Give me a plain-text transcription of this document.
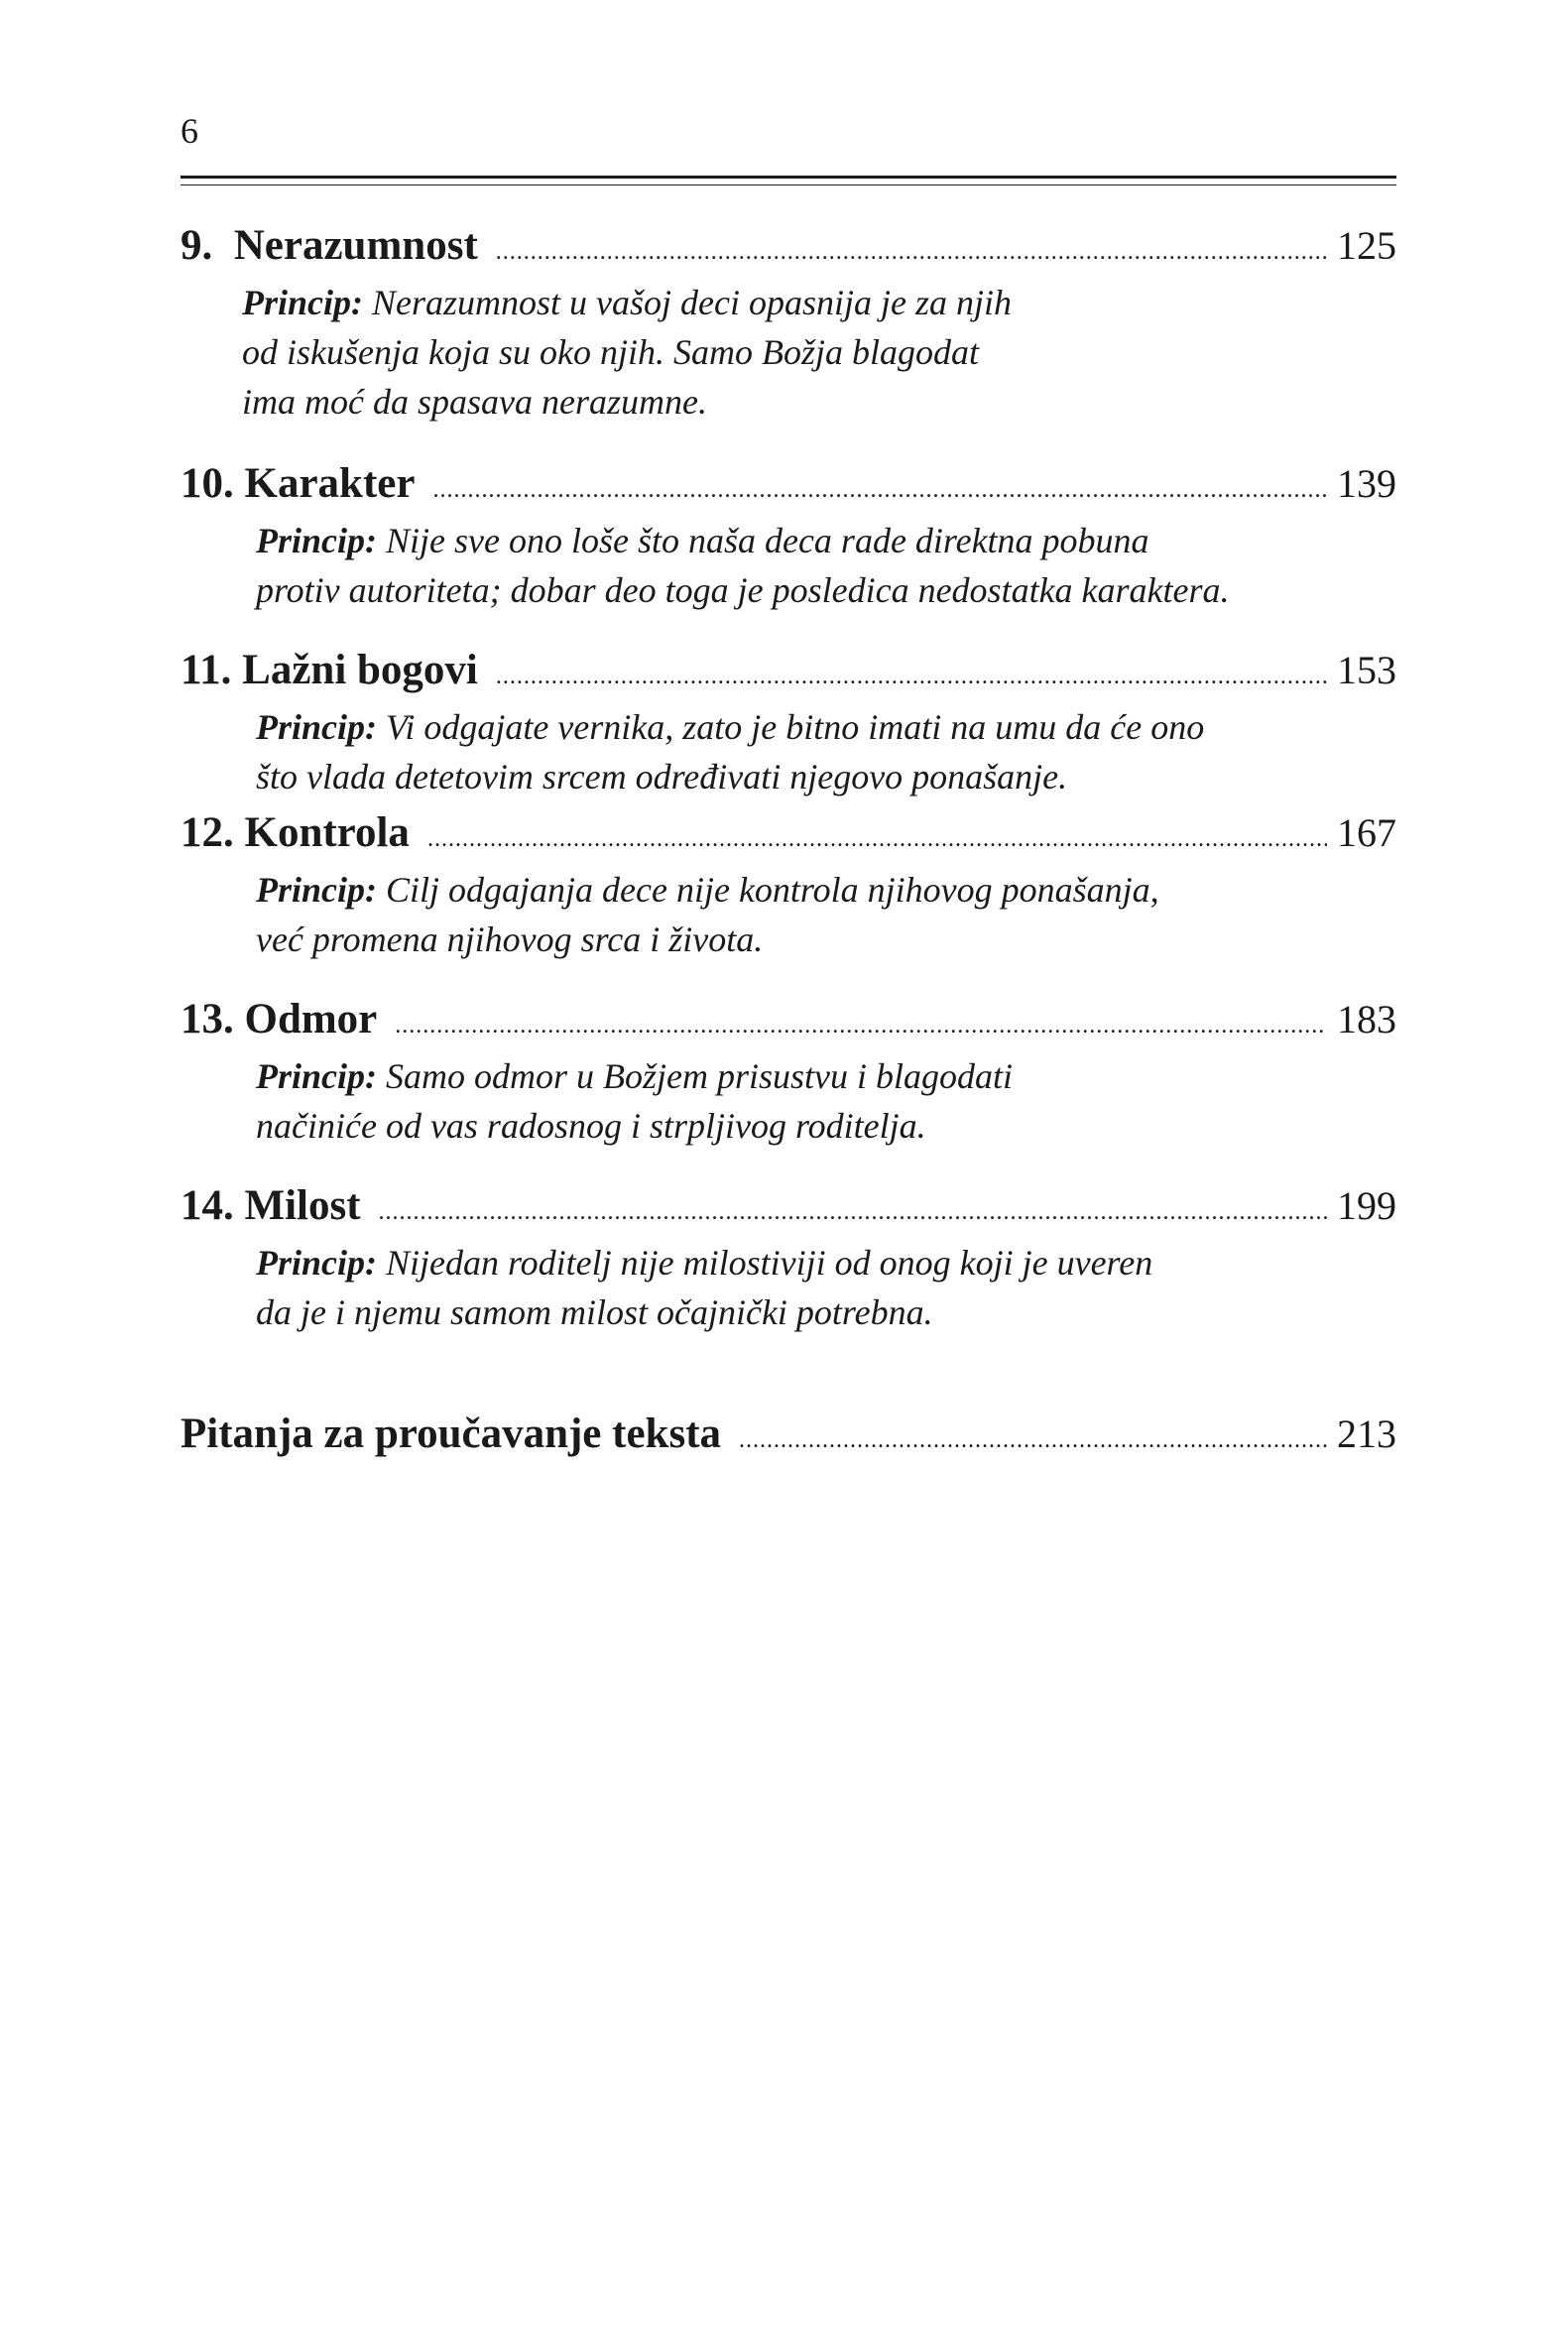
6
9. Nerazumnost .....	125
Princip: Nerazumnost u vašoj deci opasnija je za njih
od iskušenja koja su oko njih. Samo Božja blagodat
ima moć da spasava nerazumne.
10. Karakter .....	139
Princip: Nije sve ono loše što naša deca rade direktna pobuna
protiv autoriteta; dobar deo toga je posledica nedostatka karaktera.
11. Lažni bogovi .....	153
Princip: Vi odgajate vernika, zato je bitno imati na umu da će ono
što vlada detetovim srcem određivati njegovo ponašanje.
12. Kontrola .....	167
Princip: Cilj odgajanja dece nije kontrola njihovog ponašanja,
već promena njihovog srca i života.
13. Odmor .....	183
Princip: Samo odmor u Božjem prisustvu i blagodati
načiniće od vas radosnog i strpljivog roditelja.
14. Milost .....	199
Princip: Nijedan roditelj nije milostiviji od onog koji je uveren
da je i njemu samom milost očajnički potrebna.
Pitanja za proučavanje teksta .....	213
